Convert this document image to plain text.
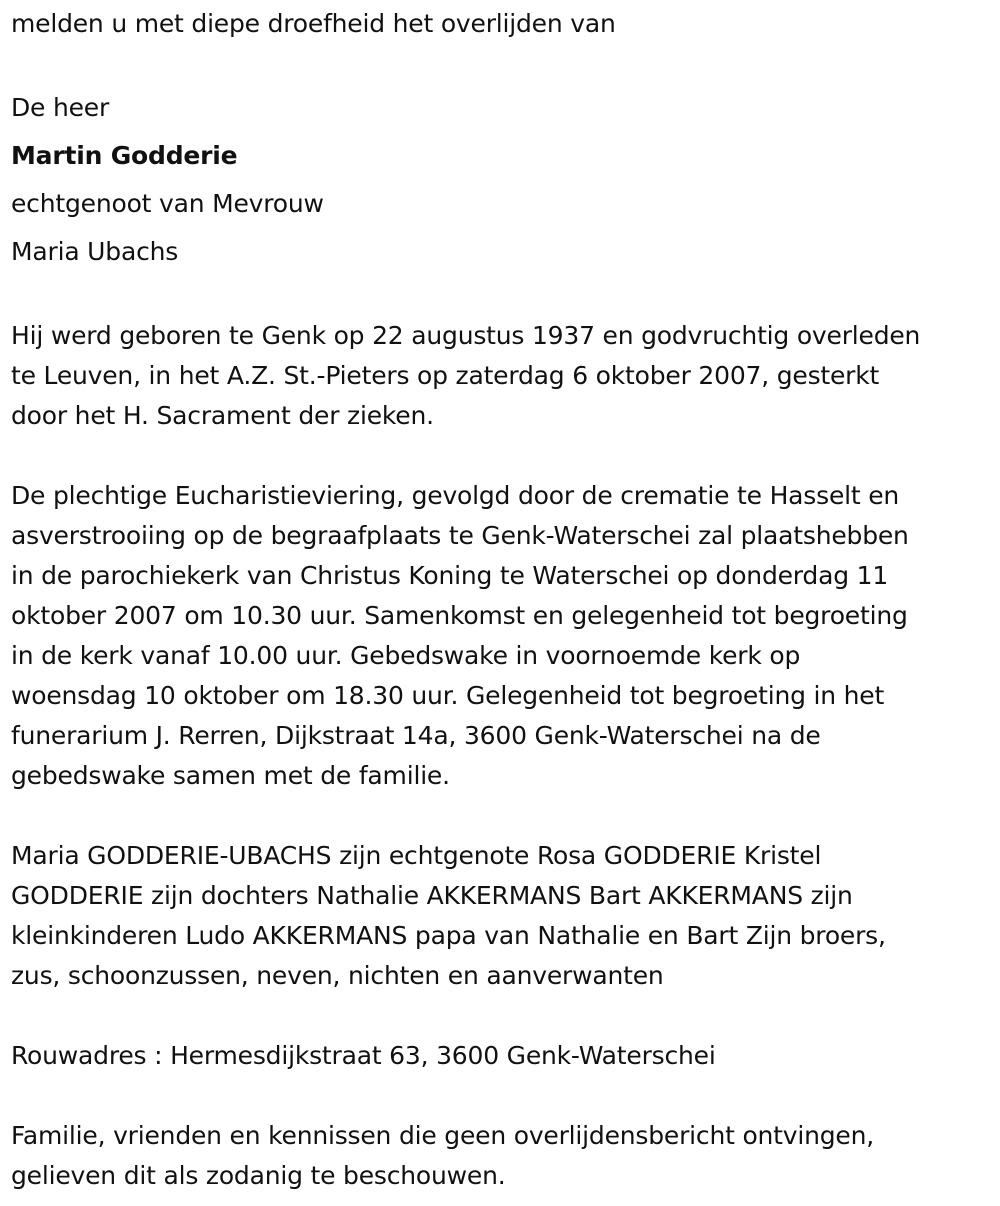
melden u met diepe droefheid het overlijden van

De heer

Martin Godderie

echtgenoot van Mevrouw

Maria Ubachs

Hij werd geboren te Genk op 22 augustus 1937 en godvruchtig overleden

te Leuven, in het A.Z. St.-Pieters op zaterdag 6 oktober 2007, gesterkt

door het H. Sacrament der zieken.

De plechtige Eucharistieviering, gevolgd door de crematie te Hasselt en

asverstrooiing op de begraafplaats te Genk-Waterschei zal plaatshebben

in de parochiekerk van Christus Koning te Waterschei op donderdag 11

oktober 2007 om 10.30 uur. Samenkomst en gelegenheid tot begroeting

in de kerk vanaf 10.00 uur. Gebedswake in voornoemde kerk op

woensdag 10 oktober om 18.30 uur. Gelegenheid tot begroeting in het

funerarium J. Rerren, Dijkstraat 14a, 3600 Genk-Waterschei na de

gebedswake samen met de familie.

Maria GODDERIE-UBACHS zijn echtgenote Rosa GODDERIE Kristel

GODDERIE zijn dochters Nathalie AKKERMANS Bart AKKERMANS zijn

kleinkinderen Ludo AKKERMANS papa van Nathalie en Bart Zijn broers,

zus, schoonzussen, neven, nichten en aanverwanten

Rouwadres : Hermesdijkstraat 63, 3600 Genk-Waterschei

Familie, vrienden en kennissen die geen overlijdensbericht ontvingen,

gelieven dit als zodanig te beschouwen.
